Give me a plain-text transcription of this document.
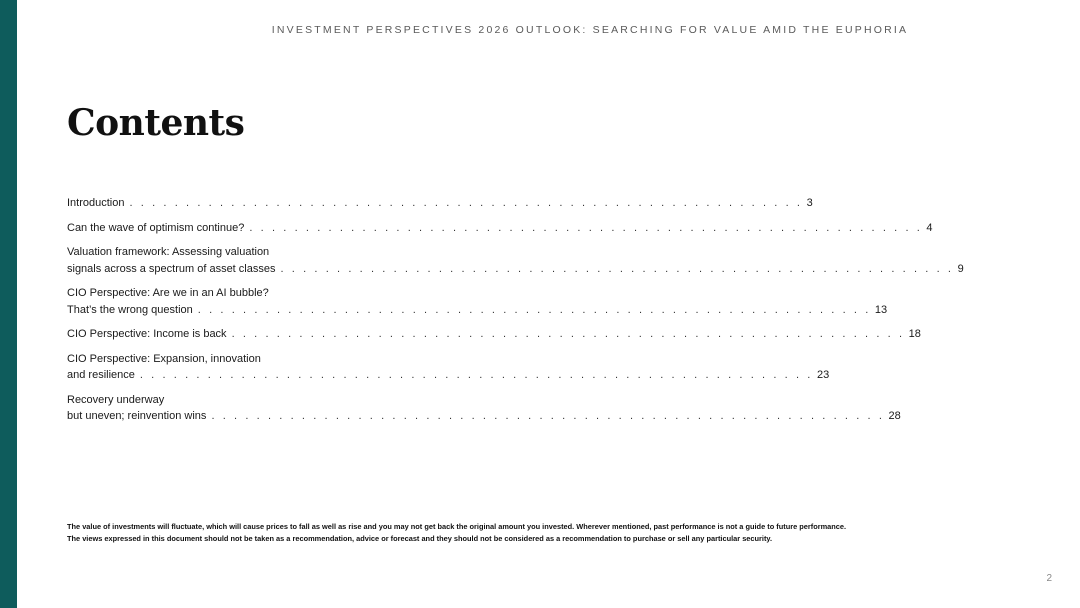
INVESTMENT PERSPECTIVES 2026 OUTLOOK: SEARCHING FOR VALUE AMID THE EUPHORIA
Contents
Introduction . . . . . . . . . . . . . . . . . . . . . . . . . . . . . . . . . . . . . . . . . . . . . . . . . . . . . . . . . . . . 3
Can the wave of optimism continue? . . . . . . . . . . . . . . . . . . . . . . . . . . . . . . . . . . . . . . . . . . . . . . . . . . . . . . . . . . . . 4
Valuation framework: Assessing valuation
signals across a spectrum of asset classes . . . . . . . . . . . . . . . . . . . . . . . . . . . . . . . . . . . . . . . . . . . . . . . . . . . . . . . . . . . . 9
CIO Perspective: Are we in an AI bubble?
That’s the wrong question . . . . . . . . . . . . . . . . . . . . . . . . . . . . . . . . . . . . . . . . . . . . . . . . . . . . . . . . . . . . 13
CIO Perspective: Income is back . . . . . . . . . . . . . . . . . . . . . . . . . . . . . . . . . . . . . . . . . . . . . . . . . . . . . . . . . . . . 18
CIO Perspective: Expansion, innovation
and resilience . . . . . . . . . . . . . . . . . . . . . . . . . . . . . . . . . . . . . . . . . . . . . . . . . . . . . . . . . . . . 23
Recovery underway
but uneven; reinvention wins . . . . . . . . . . . . . . . . . . . . . . . . . . . . . . . . . . . . . . . . . . . . . . . . . . . . . . . . . . . . 28

The value of investments will fluctuate, which will cause prices to fall as well as rise and you may not get back the original amount you invested. Wherever mentioned, past performance is not a guide to future performance.

The views expressed in this document should not be taken as a recommendation, advice or forecast and they should not be considered as a recommendation to purchase or sell any particular security.

2
